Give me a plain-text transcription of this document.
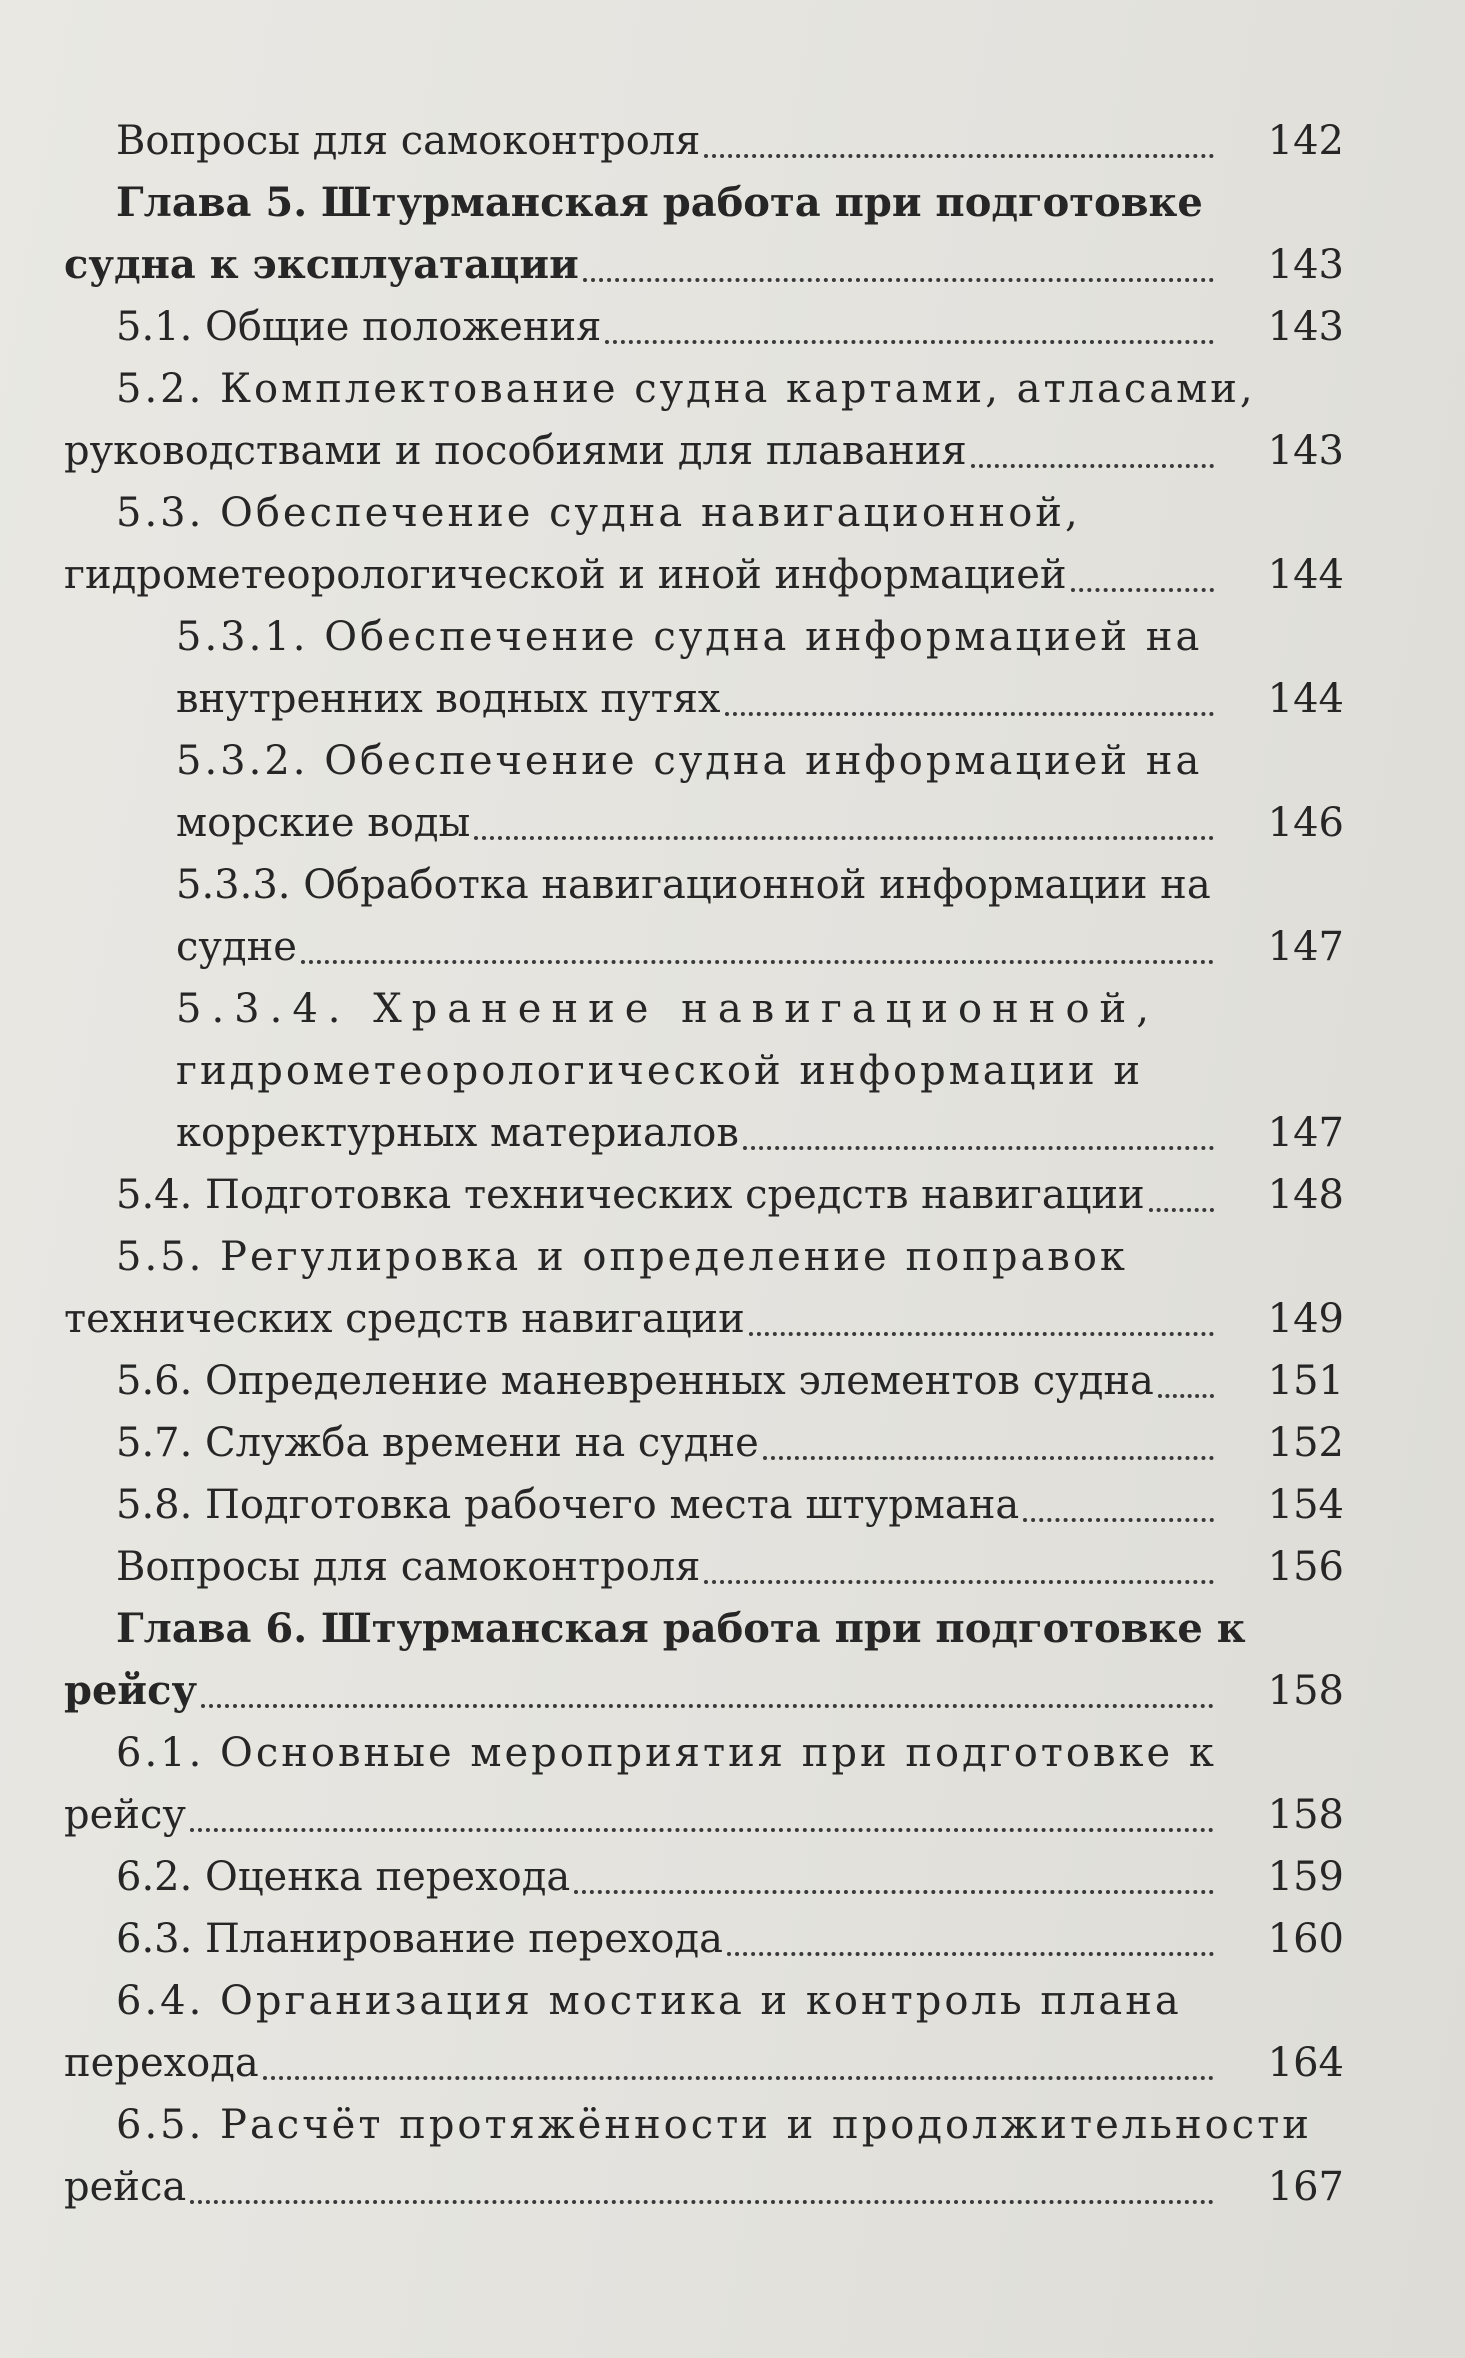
Вопросы для самоконтроля	142
Глава 5. Штурманская работа при подготовке
судна к эксплуатации	143
5.1. Общие положения	143
5.2. Комплектование судна картами, атласами,
руководствами и пособиями для плавания	143
5.3. Обеспечение судна навигационной,
гидрометеорологической и иной информацией	144
5.3.1. Обеспечение судна информацией на
внутренних водных путях	144
5.3.2. Обеспечение судна информацией на
морские воды	146
5.3.3. Обработка навигационной информации на
судне	147
5.3.4. Хранение навигационной,
гидрометеорологической информации и
корректурных материалов	147
5.4. Подготовка технических средств навигации	148
5.5. Регулировка и определение поправок
технических средств навигации	149
5.6. Определение маневренных элементов судна	151
5.7. Служба времени на судне	152
5.8. Подготовка рабочего места штурмана	154
Вопросы для самоконтроля	156
Глава 6. Штурманская работа при подготовке к
рейсу	158
6.1. Основные мероприятия при подготовке к
рейсу	158
6.2. Оценка перехода	159
6.3. Планирование перехода	160
6.4. Организация мостика и контроль плана
перехода	164
6.5. Расчёт протяжённости и продолжительности
рейса	167
